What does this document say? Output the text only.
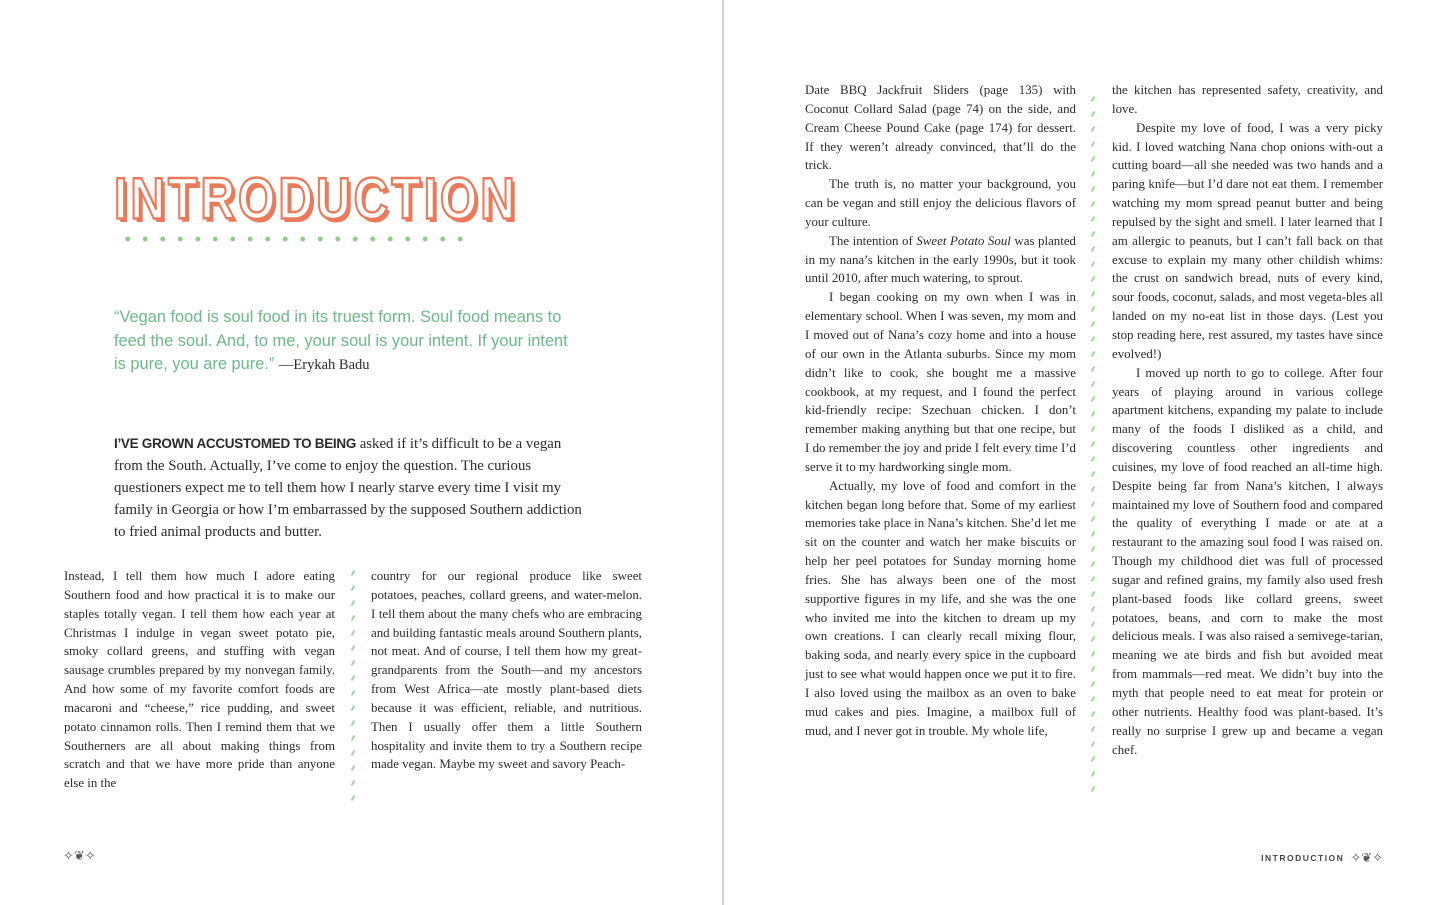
INTRODUCTION

“Vegan food is soul food in its truest form. Soul food means to feed the soul. And, to me, your soul is your intent. If your intent is pure, you are pure.” —Erykah Badu

I’VE GROWN ACCUSTOMED TO BEING asked if it’s difficult to be a vegan from the South. Actually, I’ve come to enjoy the question. The curious questioners expect me to tell them how I nearly starve every time I visit my family in Georgia or how I’m embarrassed by the supposed Southern addiction to fried animal products and butter.

Instead, I tell them how much I adore eating Southern food and how practical it is to make our staples totally vegan. I tell them how each year at Christmas I indulge in vegan sweet potato pie, smoky collard greens, and stuffing with vegan sausage crumbles prepared by my nonvegan family. And how some of my favorite comfort foods are macaroni and “cheese,” rice pudding, and sweet potato cinnamon rolls. Then I remind them that we Southerners are all about making things from scratch and that we have more pride than anyone else in the

country for our regional produce like sweet potatoes, peaches, collard greens, and water-melon. I tell them about the many chefs who are embracing and building fantastic meals around Southern plants, not meat. And of course, I tell them how my great-grandparents from the South—and my ancestors from West Africa—ate mostly plant-based diets because it was efficient, reliable, and nutritious. Then I usually offer them a little Southern hospitality and invite them to try a Southern recipe made vegan. Maybe my sweet and savory Peach-

✧❦✧

Date BBQ Jackfruit Sliders (page 135) with Coconut Collard Salad (page 74) on the side, and Cream Cheese Pound Cake (page 174) for dessert. If they weren’t already convinced, that’ll do the trick.

The truth is, no matter your background, you can be vegan and still enjoy the delicious flavors of your culture.

The intention of Sweet Potato Soul was planted in my nana’s kitchen in the early 1990s, but it took until 2010, after much watering, to sprout.

I began cooking on my own when I was in elementary school. When I was seven, my mom and I moved out of Nana’s cozy home and into a house of our own in the Atlanta suburbs. Since my mom didn’t like to cook, she bought me a massive cookbook, at my request, and I found the perfect kid-friendly recipe: Szechuan chicken. I don’t remember making anything but that one recipe, but I do remember the joy and pride I felt every time I’d serve it to my hardworking single mom.

Actually, my love of food and comfort in the kitchen began long before that. Some of my earliest memories take place in Nana’s kitchen. She’d let me sit on the counter and watch her make biscuits or help her peel potatoes for Sunday morning home fries. She has always been one of the most supportive figures in my life, and she was the one who invited me into the kitchen to dream up my own creations. I can clearly recall mixing flour, baking soda, and nearly every spice in the cupboard just to see what would happen once we put it to fire. I also loved using the mailbox as an oven to bake mud cakes and pies. Imagine, a mailbox full of mud, and I never got in trouble. My whole life,

the kitchen has represented safety, creativity, and love.

Despite my love of food, I was a very picky kid. I loved watching Nana chop onions with-out a cutting board—all she needed was two hands and a paring knife—but I’d dare not eat them. I remember watching my mom spread peanut butter and being repulsed by the sight and smell. I later learned that I am allergic to peanuts, but I can’t fall back on that excuse to explain my many other childish whims: the crust on sandwich bread, nuts of every kind, sour foods, coconut, salads, and most vegeta-bles all landed on my no-eat list in those days. (Lest you stop reading here, rest assured, my tastes have since evolved!)

I moved up north to go to college. After four years of playing around in various college apartment kitchens, expanding my palate to include many of the foods I disliked as a child, and discovering countless other ingredients and cuisines, my love of food reached an all-time high. Despite being far from Nana’s kitchen, I always maintained my love of Southern food and compared the quality of everything I made or ate at a restaurant to the amazing soul food I was raised on. Though my childhood diet was full of processed sugar and refined grains, my family also used fresh plant-based foods like collard greens, sweet potatoes, beans, and corn to make the most delicious meals. I was also raised a semivege-tarian, meaning we ate birds and fish but avoided meat from mammals—red meat. We didn’t buy into the myth that people need to eat meat for protein or other nutrients. Healthy food was plant-based. It’s really no surprise I grew up and became a vegan chef.

INTRODUCTION ✧❦✧
